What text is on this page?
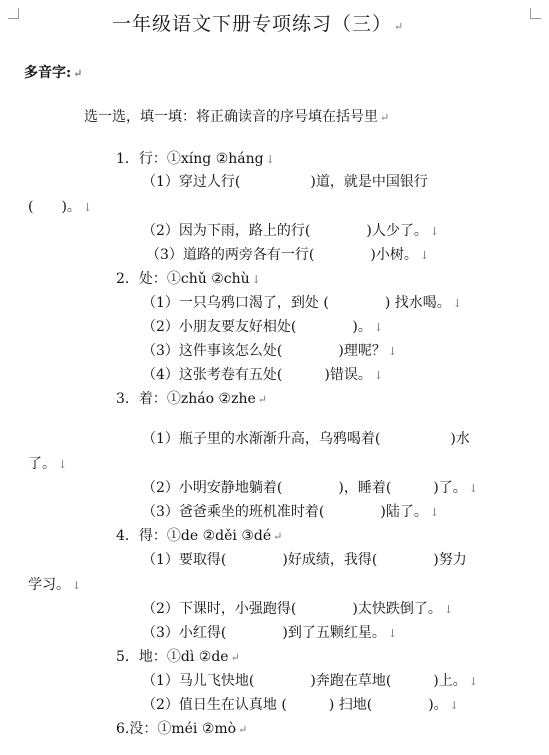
一年级语文下册专项练习（三） ↵
多音字: ↵
选一选，填一填：将正确读音的序号填在括号里 ↵
1．行：①xíng ②háng ↓
（1）穿过人行(　　　　　)道，就是中国银行
(　　)。 ↓
（2）因为下雨，路上的行(　　　　)人少了。 ↓
（3）道路的两旁各有一行(　　　　)小树。 ↓
2．处：①chǔ ②chù ↓
（1）一只乌鸦口渴了，到处 (　　　　) 找水喝。 ↓
（2）小朋友要友好相处(　　　　)。 ↓
（3）这件事该怎么处(　　　　)理呢？ ↓
（4）这张考卷有五处(　　　)错误。 ↓
3．着：①zháo ②zhe ↵
（1）瓶子里的水渐渐升高，乌鸦喝着(　　　　　)水
了。 ↓
（2）小明安静地躺着(　　　　)，睡着(　　　)了。 ↓
（3）爸爸乘坐的班机准时着(　　　　)陆了。 ↓
4．得：①de ②děi ③dé ↵
（1）要取得(　　　　)好成绩，我得(　　　　)努力
学习。 ↓
（2）下课时，小强跑得(　　　　)太快跌倒了。 ↓
（3）小红得(　　　　)到了五颗红星。 ↓
5．地：①dì ②de ↵
（1）马儿飞快地(　　　　)奔跑在草地(　　　)上。 ↓
（2）值日生在认真地 (　　　) 扫地(　　　　)。 ↓
6.没：①méi ②mò ↵
